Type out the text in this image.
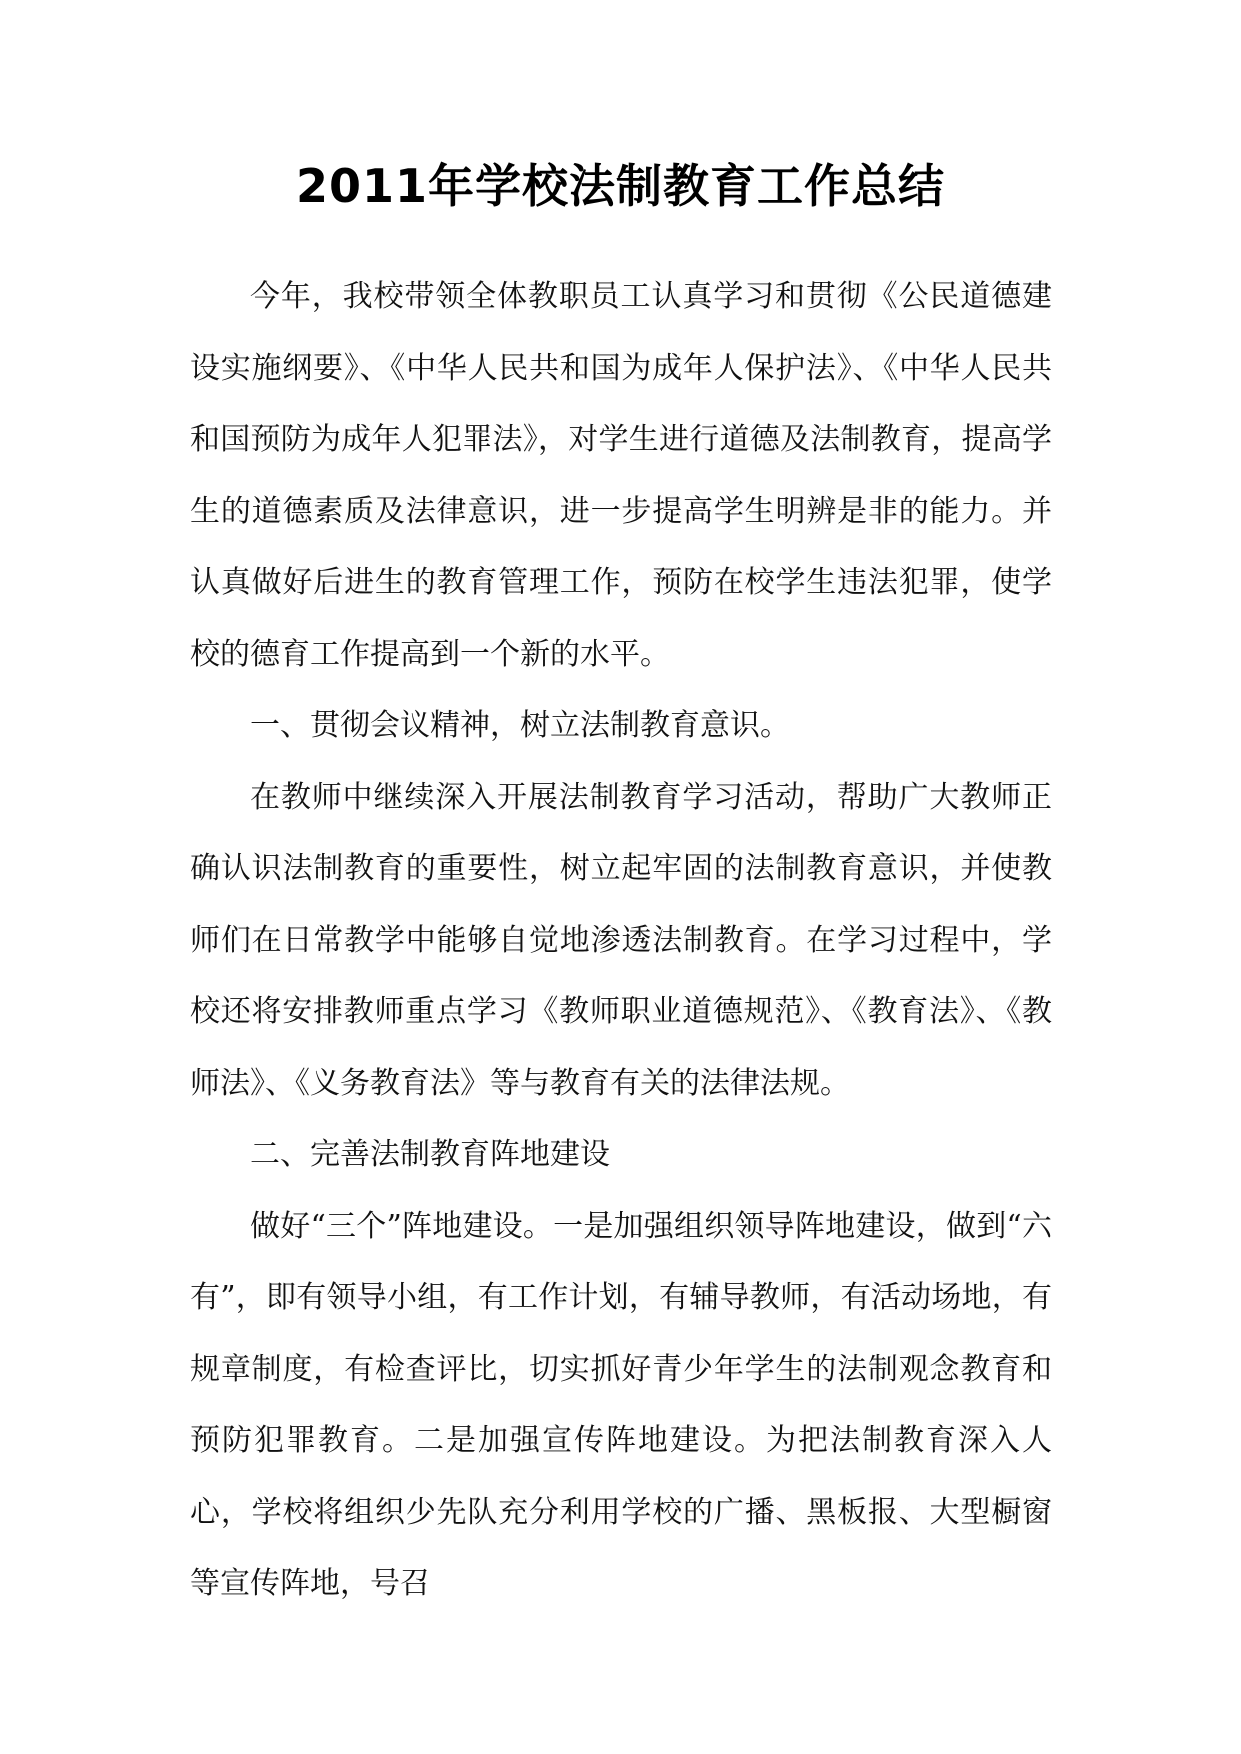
2011年学校法制教育工作总结

今年，我校带领全体教职员工认真学习和贯彻《公民道德建设实施纲要》、《中华人民共和国为成年人保护法》、《中华人民共和国预防为成年人犯罪法》，对学生进行道德及法制教育，提高学生的道德素质及法律意识，进一步提高学生明辨是非的能力。并认真做好后进生的教育管理工作，预防在校学生违法犯罪，使学校的德育工作提高到一个新的水平。

一、贯彻会议精神，树立法制教育意识。

在教师中继续深入开展法制教育学习活动，帮助广大教师正确认识法制教育的重要性，树立起牢固的法制教育意识，并使教师们在日常教学中能够自觉地渗透法制教育。在学习过程中，学校还将安排教师重点学习《教师职业道德规范》、《教育法》、《教师法》、《义务教育法》等与教育有关的法律法规。

二、完善法制教育阵地建设

做好“三个”阵地建设。一是加强组织领导阵地建设，做到“六有”，即有领导小组，有工作计划，有辅导教师，有活动场地，有规章制度，有检查评比，切实抓好青少年学生的法制观念教育和预防犯罪教育。二是加强宣传阵地建设。为把法制教育深入人心，学校将组织少先队充分利用学校的广播、黑板报、大型橱窗等宣传阵地，号召
